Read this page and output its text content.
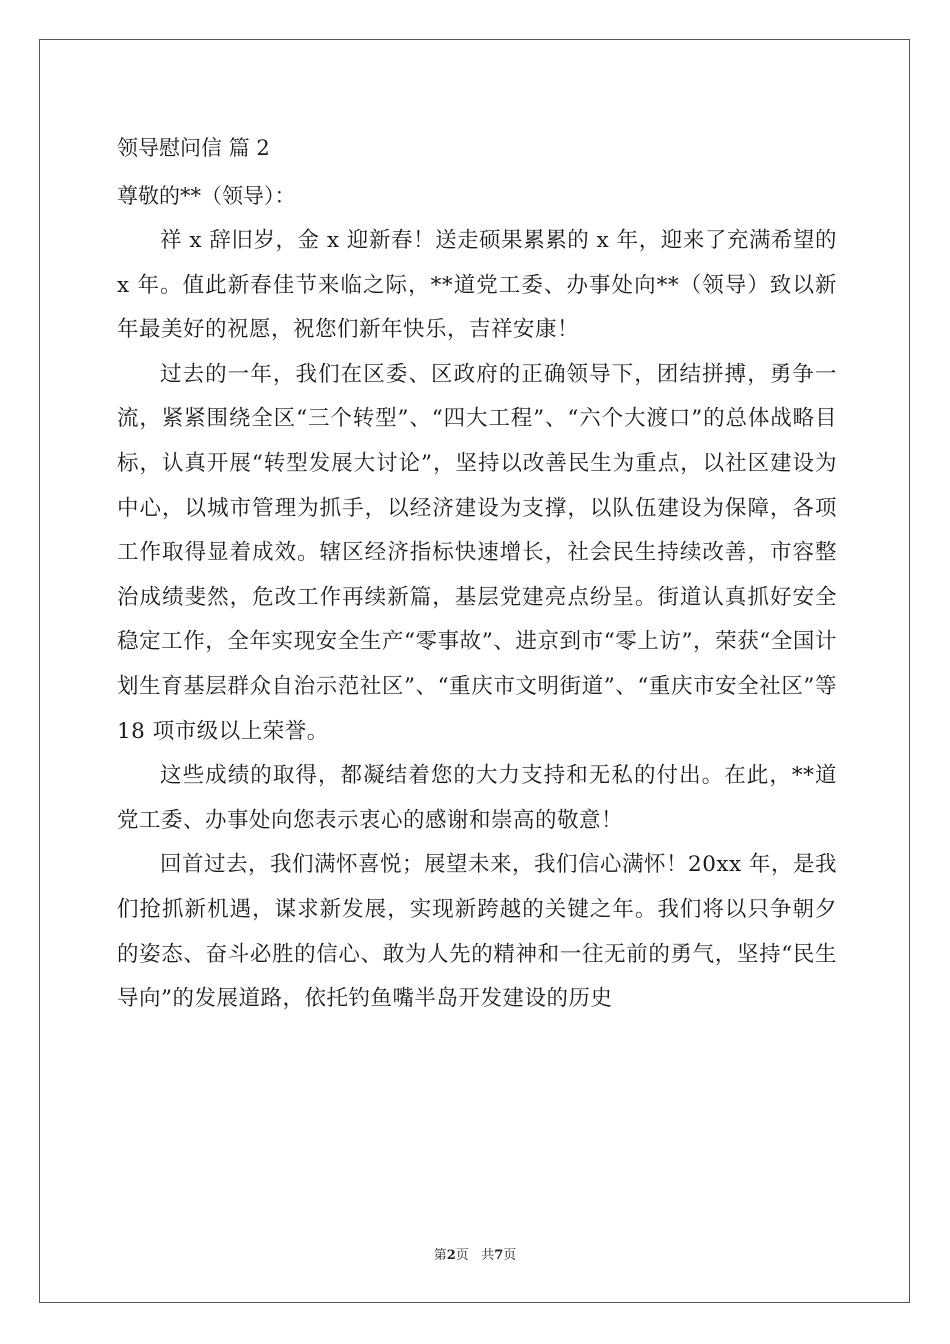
领导慰问信 篇 2
尊敬的**（领导）：

祥 x 辞旧岁，金 x 迎新春！送走硕果累累的 x 年，迎来了充满希望的 x 年。值此新春佳节来临之际，**道党工委、办事处向**（领导）致以新年最美好的祝愿，祝您们新年快乐，吉祥安康！

过去的一年，我们在区委、区政府的正确领导下，团结拼搏，勇争一流，紧紧围绕全区“三个转型”、“四大工程”、“六个大渡口”的总体战略目标，认真开展“转型发展大讨论”，坚持以改善民生为重点，以社区建设为中心，以城市管理为抓手，以经济建设为支撑，以队伍建设为保障，各项工作取得显着成效。辖区经济指标快速增长，社会民生持续改善，市容整治成绩斐然，危改工作再续新篇，基层党建亮点纷呈。街道认真抓好安全稳定工作，全年实现安全生产“零事故”、进京到市“零上访”，荣获“全国计划生育基层群众自治示范社区”、“重庆市文明街道”、“重庆市安全社区”等 18 项市级以上荣誉。

这些成绩的取得，都凝结着您的大力支持和无私的付出。在此，**道党工委、办事处向您表示衷心的感谢和崇高的敬意！

回首过去，我们满怀喜悦；展望未来，我们信心满怀！20xx 年，是我们抢抓新机遇，谋求新发展，实现新跨越的关键之年。我们将以只争朝夕的姿态、奋斗必胜的信心、敢为人先的精神和一往无前的勇气，坚持“民生导向”的发展道路，依托钓鱼嘴半岛开发建设的历史

第2页   共7页
